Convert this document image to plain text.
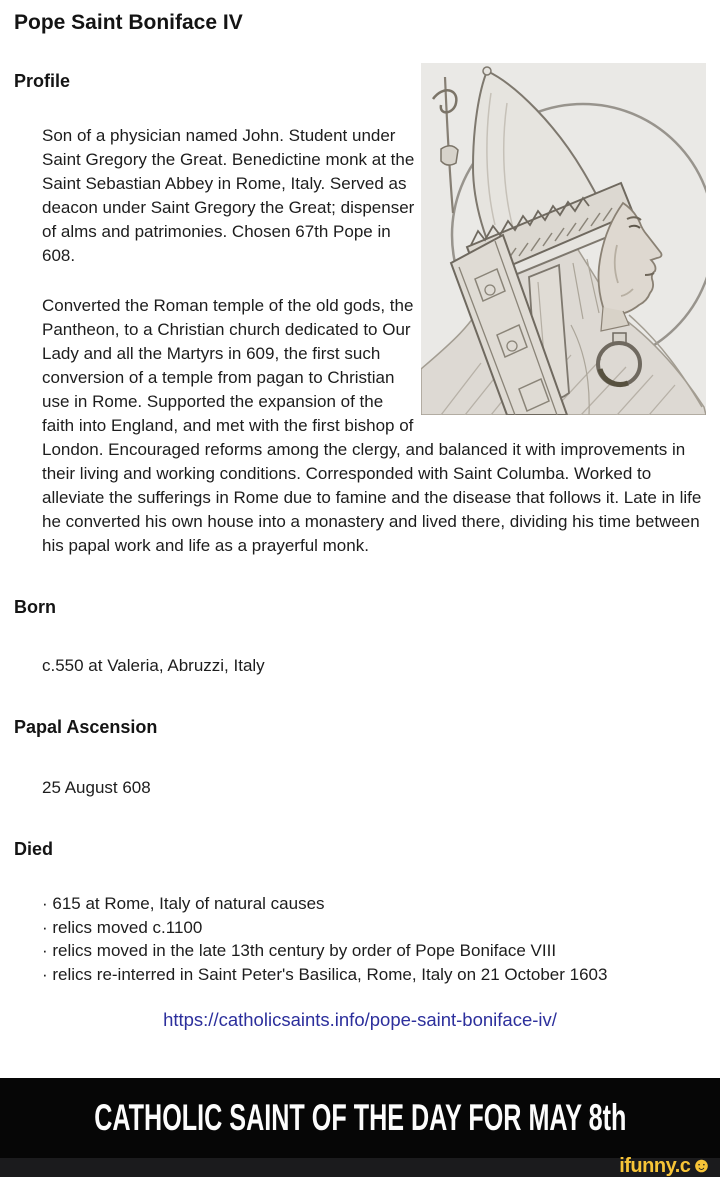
Pope Saint Boniface IV
Profile

Son of a physician named John. Student under Saint Gregory the Great. Benedictine monk at the Saint Sebastian Abbey in Rome, Italy. Served as deacon under Saint Gregory the Great; dispenser of alms and patrimonies. Chosen 67th Pope in 608.

Converted the Roman temple of the old gods, the Pantheon, to a Christian church dedicated to Our Lady and all the Martyrs in 609, the first such conversion of a temple from pagan to Christian use in Rome. Supported the expansion of the faith into England, and met with the first bishop of London. Encouraged reforms among the clergy, and balanced it with improvements in their living and working conditions. Corresponded with Saint Columba. Worked to alleviate the sufferings in Rome due to famine and the disease that follows it. Late in life he converted his own house into a monastery and lived there, dividing his time between his papal work and life as a prayerful monk.

Born

c.550 at Valeria, Abruzzi, Italy

Papal Ascension

25 August 608

Died

· 615 at Rome, Italy of natural causes

· relics moved c.1100

· relics moved in the late 13th century by order of Pope Boniface VIII

· relics re-interred in Saint Peter's Basilica, Rome, Italy on 21 October 1603

https://catholicsaints.info/pope-saint-boniface-iv/

CATHOLIC SAINT OF THE DAY FOR MAY 8th
ifunny.c☻
